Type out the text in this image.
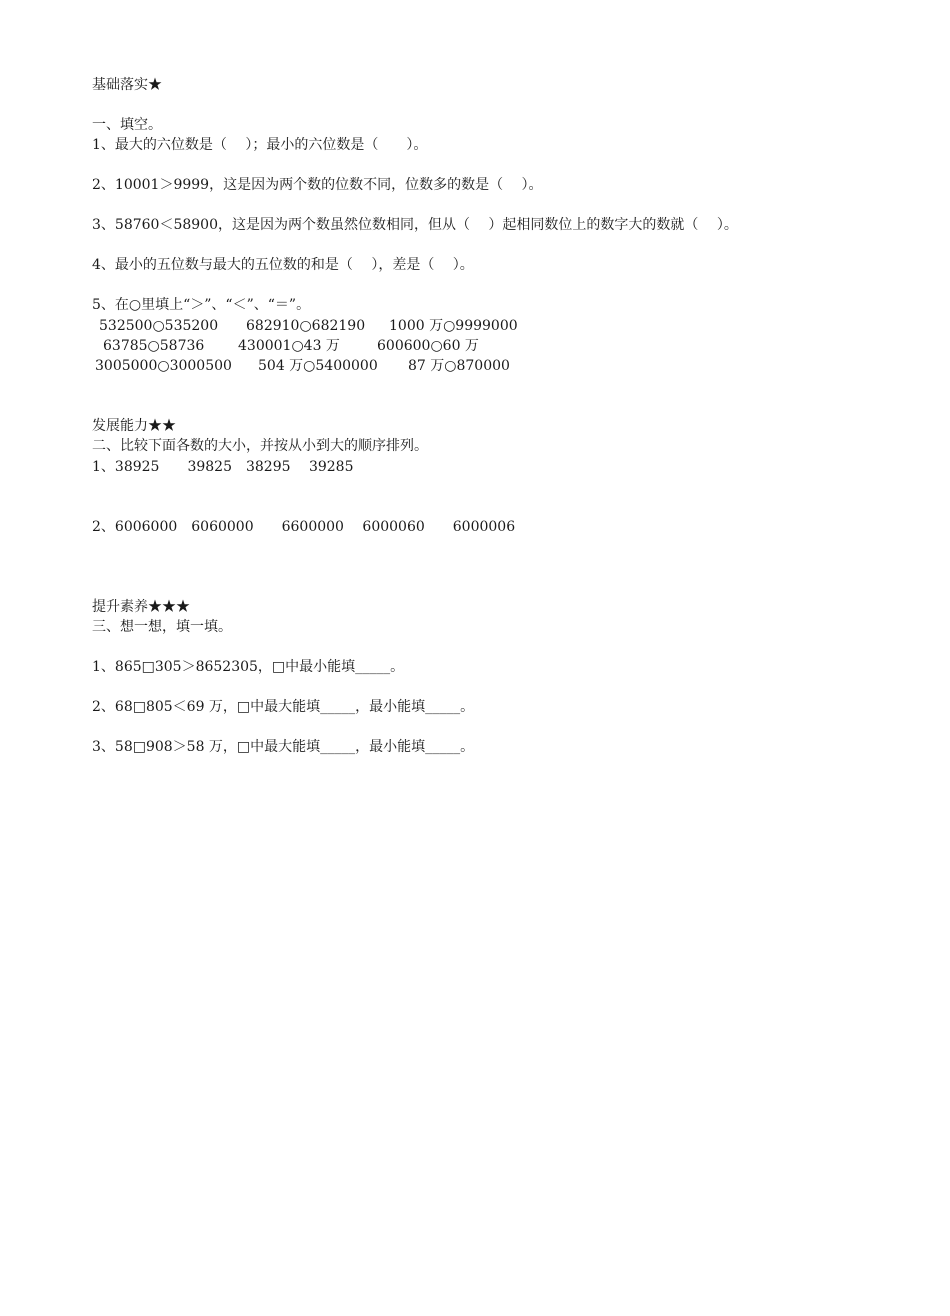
基础落实★

一、填空。

1、最大的六位数是（　 ）；最小的六位数是（　　）。

2、10001＞9999，这是因为两个数的位数不同，位数多的数是（　 ）。

3、58760＜58900，这是因为两个数虽然位数相同，但从（　 ）起相同数位上的数字大的数就（　 ）。

4、最小的五位数与最大的五位数的和是（　 ），差是（　 ）。

5、在○里填上“＞”、“＜”、“＝”。

532500○535200 682910○682190 1000 万○9999000
63785○58736 430001○43 万	600600○60 万
3005000○3000500 504 万○5400000 87 万○870000

发展能力★★

二、比较下面各数的大小，并按从小到大的顺序排列。

1、38925　　39825　38295　 39285

2、6006000　6060000　　6600000　 6000060　　6000006

提升素养★★★

三、想一想，填一填。

1、865□305＞8652305，□中最小能填_____。

2、68□805＜69 万，□中最大能填_____，最小能填_____。

3、58□908＞58 万，□中最大能填_____，最小能填_____。
